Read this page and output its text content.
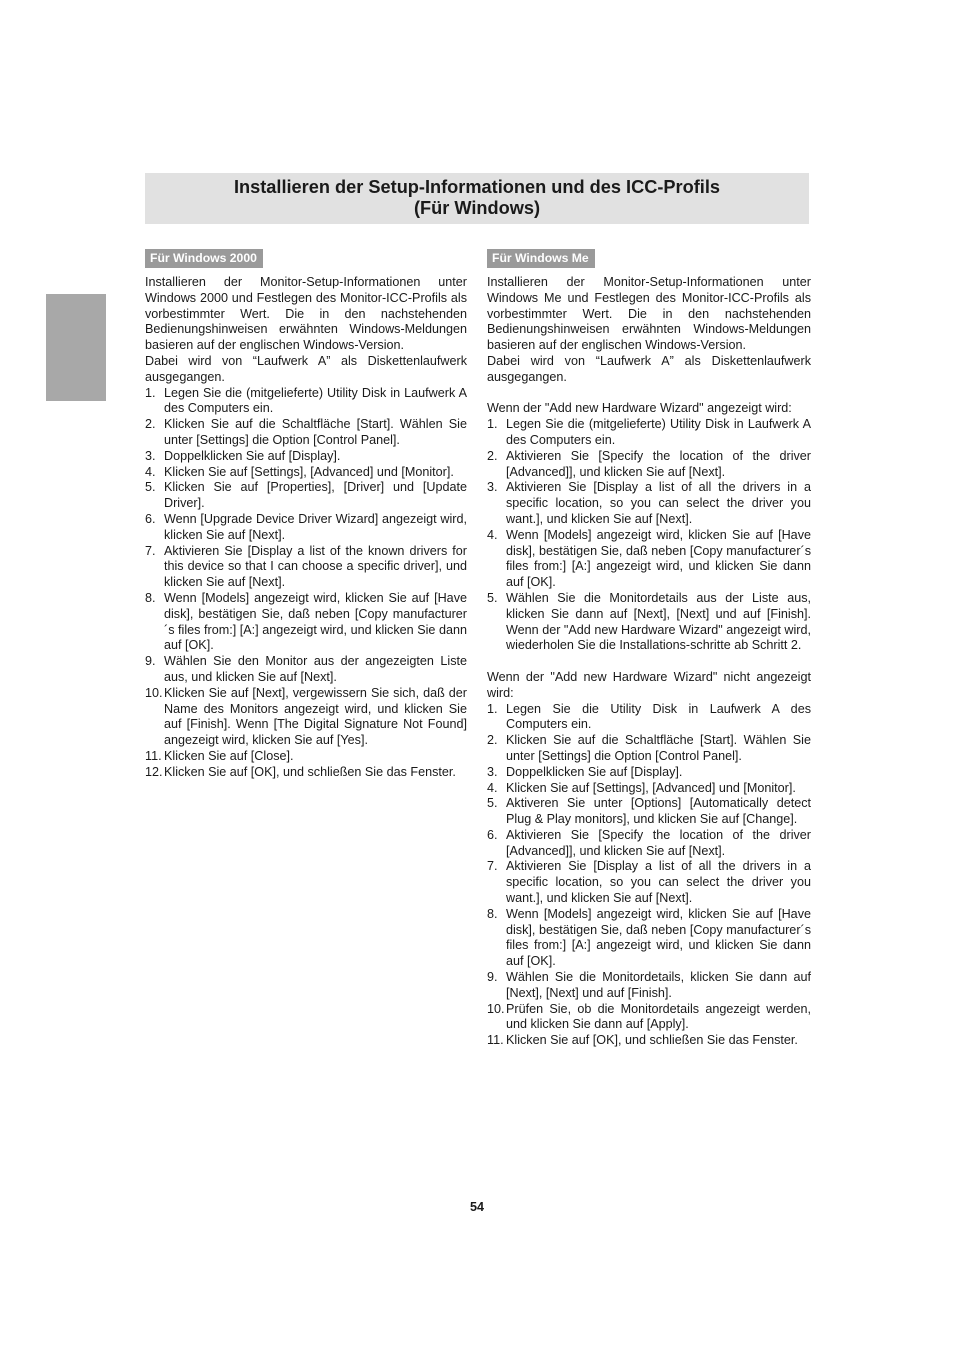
Installieren der Setup-Informationen und des ICC-Profils
(Für Windows)
Für Windows 2000

Installieren der Monitor-Setup-Informationen unter Windows 2000 und Festlegen des Monitor-ICC-Profils als vorbestimmter Wert. Die in den nachstehenden Bedienungshinweisen erwähnten Windows-Meldungen basieren auf der englischen Windows-Version.

Dabei wird von “Laufwerk A” als Diskettenlaufwerk ausgegangen.

1. Legen Sie die (mitgelieferte) Utility Disk in Laufwerk A des Computers ein.
2. Klicken Sie auf die Schaltfläche [Start]. Wählen Sie unter [Settings] die Option [Control Panel].
3. Doppelklicken Sie auf [Display].
4. Klicken Sie auf [Settings], [Advanced] und [Monitor].
5. Klicken Sie auf [Properties], [Driver] und [Update Driver].
6. Wenn [Upgrade Device Driver Wizard] angezeigt wird, klicken Sie auf [Next].
7. Aktivieren Sie [Display a list of the known drivers for this device so that I can choose a specific driver], und klicken Sie auf [Next].
8. Wenn [Models] angezeigt wird, klicken Sie auf [Have disk], bestätigen Sie, daß neben [Copy manufacturer´s files from:] [A:] angezeigt wird, und klicken Sie dann auf [OK].
9. Wählen Sie den Monitor aus der angezeigten Liste aus, und klicken Sie auf [Next].
10. Klicken Sie auf [Next], vergewissern Sie sich, daß der Name des Monitors angezeigt wird, und klicken Sie auf [Finish]. Wenn [The Digital Signature Not Found] angezeigt wird, klicken Sie auf [Yes].
11. Klicken Sie auf [Close].
12. Klicken Sie auf [OK], und schließen Sie das Fenster.
Für Windows Me

Installieren der Monitor-Setup-Informationen unter Windows Me und Festlegen des Monitor-ICC-Profils als vorbestimmter Wert. Die in den nachstehenden Bedienungshinweisen erwähnten Windows-Meldungen basieren auf der englischen Windows-Version.

Dabei wird von “Laufwerk A” als Diskettenlaufwerk ausgegangen.

Wenn der "Add new Hardware Wizard" angezeigt wird:

1. Legen Sie die (mitgelieferte) Utility Disk in Laufwerk A des Computers ein.
2. Aktivieren Sie [Specify the location of the driver [Advanced]], und klicken Sie auf [Next].
3. Aktivieren Sie [Display a list of all the drivers in a specific location, so you can select the driver you want.], und klicken Sie auf [Next].
4. Wenn [Models] angezeigt wird, klicken Sie auf [Have disk], bestätigen Sie, daß neben [Copy manufacturer´s files from:] [A:] angezeigt wird, und klicken Sie dann auf [OK].
5. Wählen Sie die Monitordetails aus der Liste aus, klicken Sie dann auf [Next], [Next] und auf [Finish]. Wenn der "Add new Hardware Wizard" angezeigt wird, wiederholen Sie die Installations-schritte ab Schritt 2.

Wenn der "Add new Hardware Wizard" nicht angezeigt wird:

1. Legen Sie die Utility Disk in Laufwerk A des Computers ein.
2. Klicken Sie auf die Schaltfläche [Start]. Wählen Sie unter [Settings] die Option [Control Panel].
3. Doppelklicken Sie auf [Display].
4. Klicken Sie auf [Settings], [Advanced] und [Monitor].
5. Aktiveren Sie unter [Options] [Automatically detect Plug & Play monitors], und klicken Sie auf [Change].
6. Aktivieren Sie [Specify the location of the driver [Advanced]], und klicken Sie auf [Next].
7. Aktivieren Sie [Display a list of all the drivers in a specific location, so you can select the driver you want.], und klicken Sie auf [Next].
8. Wenn [Models] angezeigt wird, klicken Sie auf [Have disk], bestätigen Sie, daß neben [Copy manufacturer´s files from:] [A:] angezeigt wird, und klicken Sie dann auf [OK].
9. Wählen Sie die Monitordetails, klicken Sie dann auf [Next], [Next] und auf [Finish].
10. Prüfen Sie, ob die Monitordetails angezeigt werden, und klicken Sie dann auf [Apply].
11. Klicken Sie auf [OK], und schließen Sie das Fenster.
54
